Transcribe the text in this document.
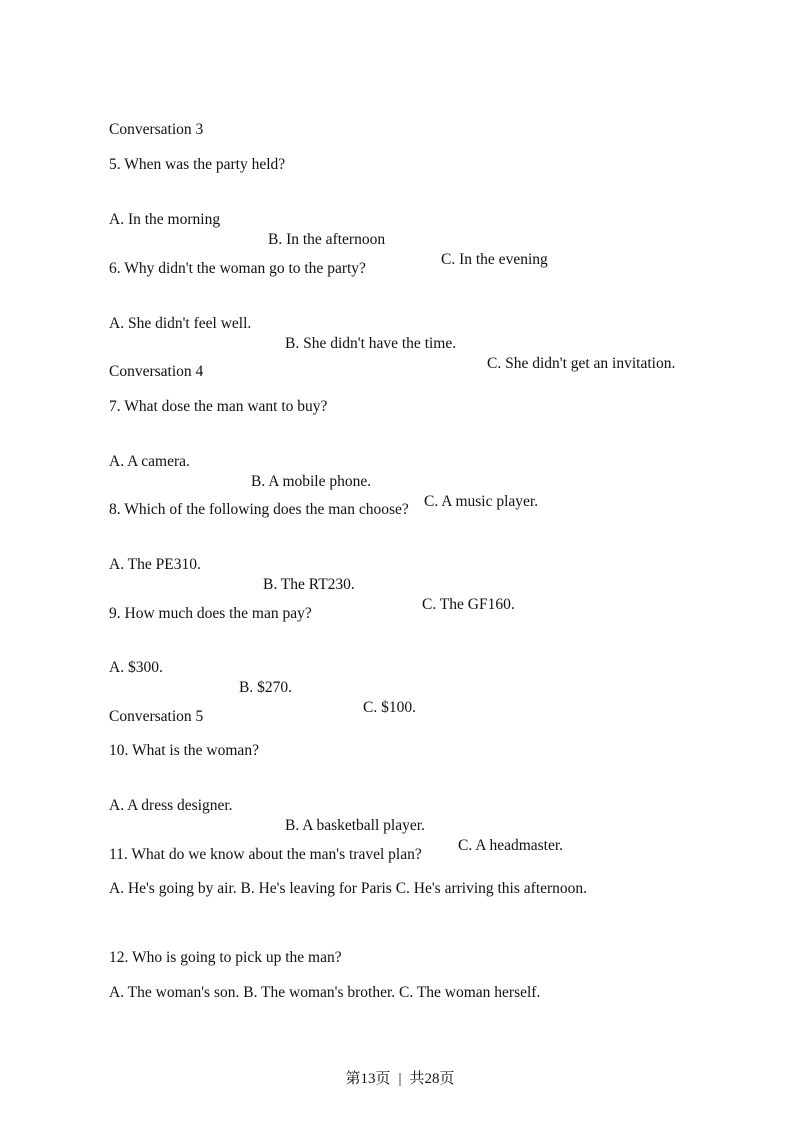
Conversation 3

5. When was the party held?

A. In the morning

B. In the afternoon

C. In the evening

6. Why didn't the woman go to the party?

A. She didn't feel well.

B. She didn't have the time.

C. She didn't get an invitation.

Conversation 4

7. What dose the man want to buy?

A. A camera.

B. A mobile phone.

C. A music player.

8. Which of the following does the man choose?

A. The PE310.

B. The RT230.

C. The GF160.

9. How much does the man pay?

A. $300.

B. $270.

C. $100.

Conversation 5

10. What is the woman?

A. A dress designer.

B. A basketball player.

C. A headmaster.

11. What do we know about the man's travel plan?

A. He's going by air. B. He's leaving for Paris C. He's arriving this afternoon.

12. Who is going to pick up the man?

A. The woman's son. B. The woman's brother. C. The woman herself.

第13页 | 共28页
